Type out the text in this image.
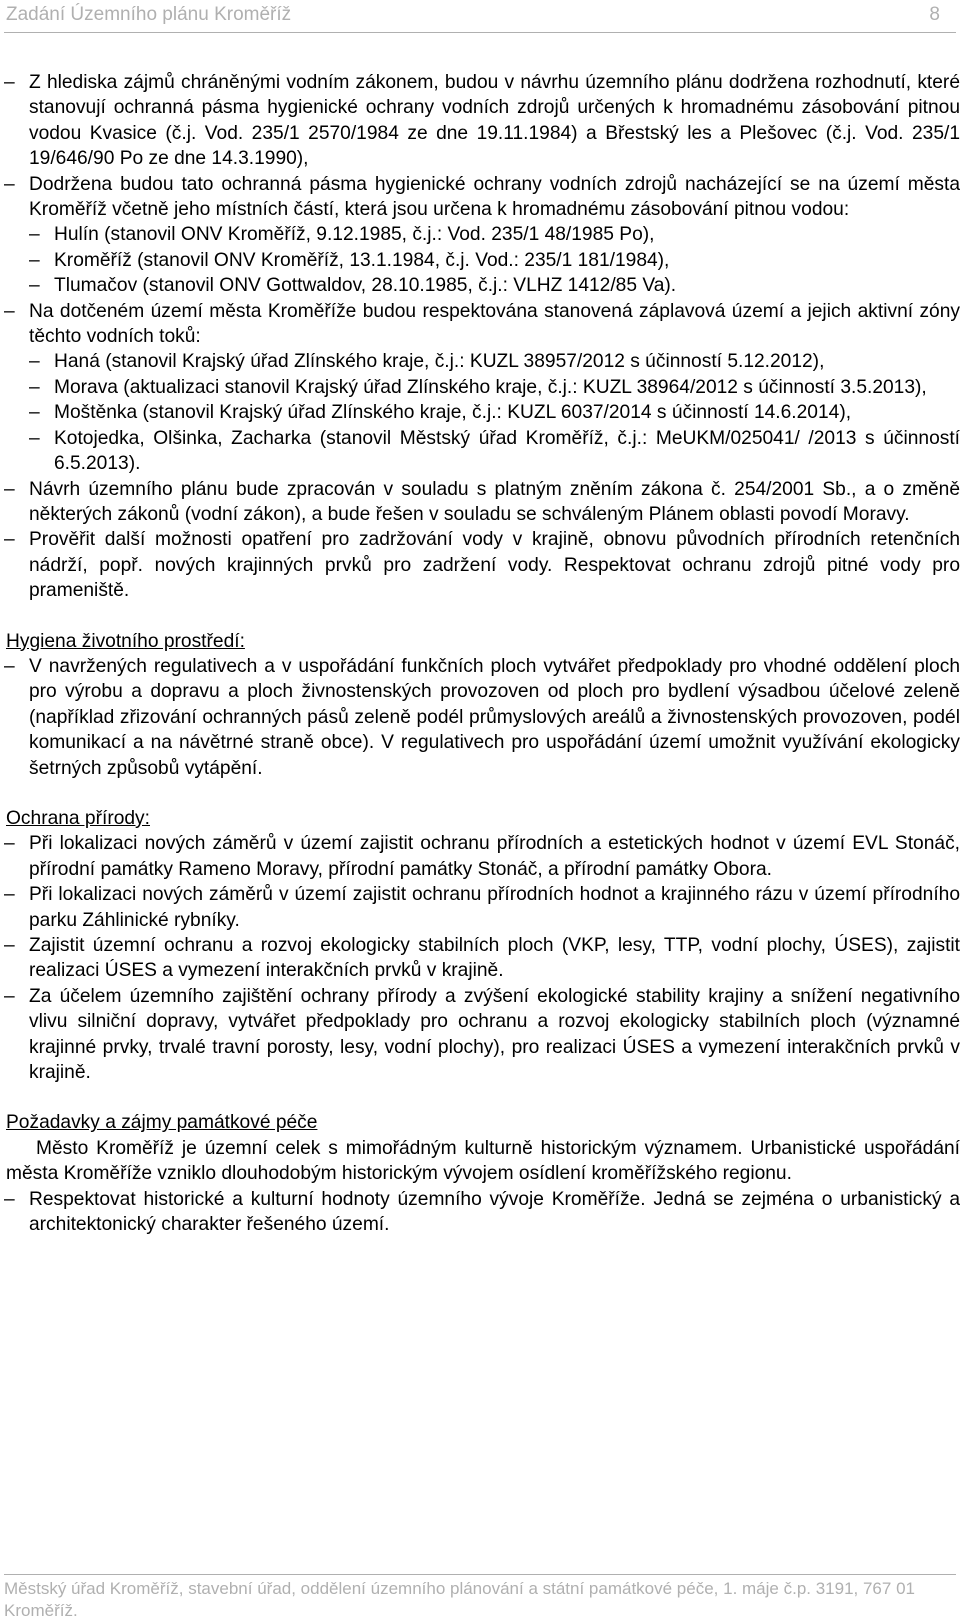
Zadání Územního plánu Kroměříž	8
– Z hlediska zájmů chráněnými vodním zákonem, budou v návrhu územního plánu dodržena rozhodnutí, které stanovují ochranná pásma hygienické ochrany vodních zdrojů určených k hromadnému zásobování pitnou vodou Kvasice (č.j. Vod. 235/1 2570/1984 ze dne 19.11.1984) a Břestský les a Plešovec (č.j. Vod. 235/1 19/646/90 Po ze dne 14.3.1990),

– Dodržena budou tato ochranná pásma hygienické ochrany vodních zdrojů nacházející se na území města Kroměříž včetně jeho místních částí, která jsou určena k hromadnému zásobování pitnou vodou:

– Hulín (stanovil ONV Kroměříž, 9.12.1985, č.j.: Vod. 235/1 48/1985 Po),

– Kroměříž (stanovil ONV Kroměříž, 13.1.1984, č.j. Vod.: 235/1 181/1984),

– Tlumačov (stanovil ONV Gottwaldov, 28.10.1985, č.j.: VLHZ 1412/85 Va).

– Na dotčeném území města Kroměříže budou respektována stanovená záplavová území a jejich aktivní zóny těchto vodních toků:

– Haná (stanovil Krajský úřad Zlínského kraje, č.j.: KUZL 38957/2012 s účinností 5.12.2012),

– Morava (aktualizaci stanovil Krajský úřad Zlínského kraje, č.j.: KUZL 38964/2012 s účinností 3.5.2013),

– Moštěnka (stanovil Krajský úřad Zlínského kraje, č.j.: KUZL 6037/2014 s účinností 14.6.2014),

– Kotojedka, Olšinka, Zacharka (stanovil Městský úřad Kroměříž, č.j.: MeUKM/025041/ /2013 s účinností 6.5.2013).

– Návrh územního plánu bude zpracován v souladu s platným zněním zákona č. 254/2001 Sb., a o změně některých zákonů (vodní zákon), a bude řešen v souladu se schváleným Plánem oblasti povodí Moravy.

– Prověřit další možnosti opatření pro zadržování vody v krajině, obnovu původních přírodních retenčních nádrží, popř. nových krajinných prvků pro zadržení vody. Respektovat ochranu zdrojů pitné vody pro prameniště.

Hygiena životního prostředí:

– V navržených regulativech a v uspořádání funkčních ploch vytvářet předpoklady pro vhodné oddělení ploch pro výrobu a dopravu a ploch živnostenských provozoven od ploch pro bydlení výsadbou účelové zeleně (například zřizování ochranných pásů zeleně podél průmyslových areálů a živnostenských provozoven, podél komunikací a na návětrné straně obce). V regulativech pro uspořádání území umožnit využívání ekologicky šetrných způsobů vytápění.

Ochrana přírody:

– Při lokalizaci nových záměrů v území zajistit ochranu přírodních a estetických hodnot v území EVL Stonáč, přírodní památky Rameno Moravy, přírodní památky Stonáč, a přírodní památky Obora.

– Při lokalizaci nových záměrů v území zajistit ochranu přírodních hodnot a krajinného rázu v území přírodního parku Záhlinické rybníky.

– Zajistit územní ochranu a rozvoj ekologicky stabilních ploch (VKP, lesy, TTP, vodní plochy, ÚSES), zajistit realizaci ÚSES a vymezení interakčních prvků v krajině.

– Za účelem územního zajištění ochrany přírody a zvýšení ekologické stability krajiny a snížení negativního vlivu silniční dopravy, vytvářet předpoklady pro ochranu a rozvoj ekologicky stabilních ploch (významné krajinné prvky, trvalé travní porosty, lesy, vodní plochy), pro realizaci ÚSES a vymezení interakčních prvků v krajině.

Požadavky a zájmy památkové péče

Město Kroměříž je územní celek s mimořádným kulturně historickým významem. Urbanistické uspořádání města Kroměříže vzniklo dlouhodobým historickým vývojem osídlení kroměřížského regionu.

– Respektovat historické a kulturní hodnoty územního vývoje Kroměříže. Jedná se zejména o urbanistický a architektonický charakter řešeného území.

Městský úřad Kroměříž, stavební úřad, oddělení územního plánování a státní památkové péče, 1. máje č.p. 3191, 767 01 Kroměříž.
